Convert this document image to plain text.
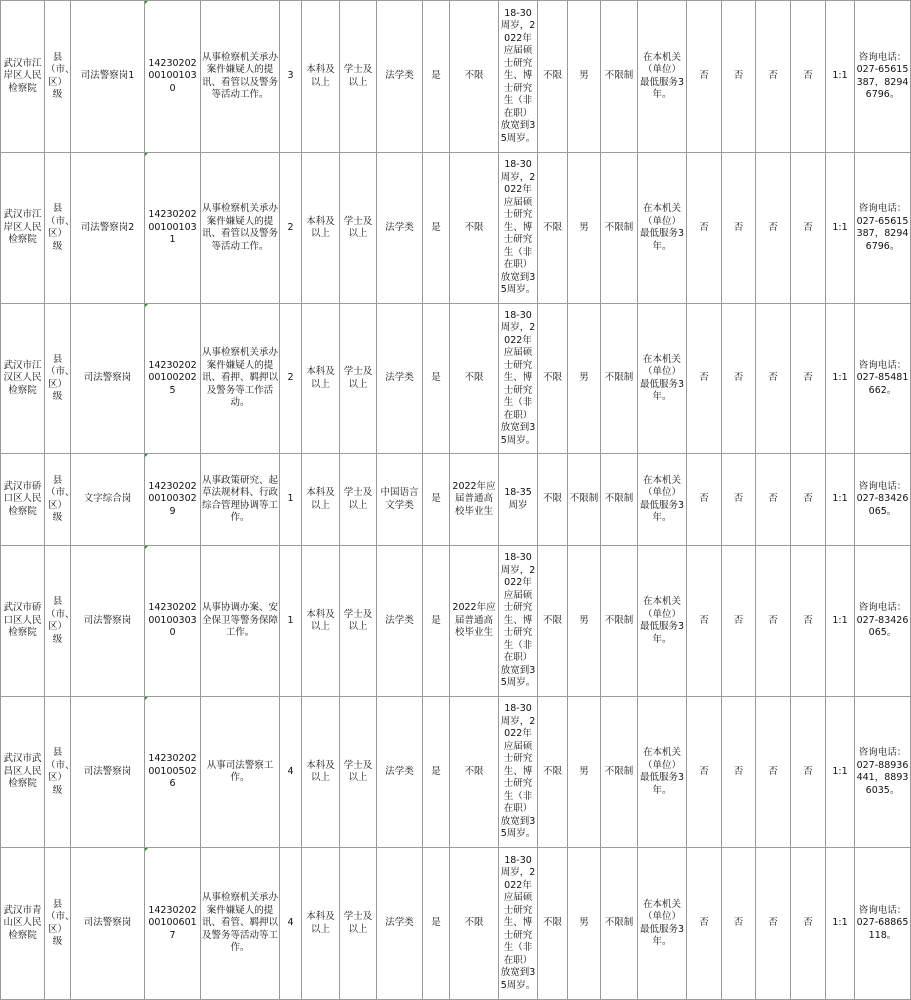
武汉市江岸区人民检察院	县（市、区）级	司法警察岗1	14230202001001030	从事检察机关承办案件嫌疑人的提讯、看管以及警务等活动工作。	3	本科及以上	学士及以上	法学类	是	不限	18-30周岁，2022年应届硕士研究生、博士研究生（非在职）放宽到35周岁。	不限	男	不限制	在本机关（单位）最低服务3年。	否	否	否	否	1:1	咨询电话：027-65615387，82946796。
武汉市江岸区人民检察院	县（市、区）级	司法警察岗2	14230202001001031	从事检察机关承办案件嫌疑人的提讯、看管以及警务等活动工作。	2	本科及以上	学士及以上	法学类	是	不限	18-30周岁，2022年应届硕士研究生、博士研究生（非在职）放宽到35周岁。	不限	男	不限制	在本机关（单位）最低服务3年。	否	否	否	否	1:1	咨询电话：027-65615387，82946796。
武汉市江汉区人民检察院	县（市、区）级	司法警察岗	14230202001002025	从事检察机关承办案件嫌疑人的提讯、看押、羁押以及警务等工作活动。	2	本科及以上	学士及以上	法学类	是	不限	18-30周岁，2022年应届硕士研究生、博士研究生（非在职）放宽到35周岁。	不限	男	不限制	在本机关（单位）最低服务3年。	否	否	否	否	1:1	咨询电话：027-85481662。
武汉市硚口区人民检察院	县（市、区）级	文字综合岗	14230202001003029	从事政策研究、起草法规材料、行政综合管理协调等工作。	1	本科及以上	学士及以上	中国语言文学类	是	2022年应届普通高校毕业生	18-35周岁	不限	不限制	不限制	在本机关（单位）最低服务3年。	否	否	否	否	1:1	咨询电话：027-83426065。
武汉市硚口区人民检察院	县（市、区）级	司法警察岗	14230202001003030	从事协调办案、安全保卫等警务保障工作。	1	本科及以上	学士及以上	法学类	是	2022年应届普通高校毕业生	18-30周岁，2022年应届硕士研究生、博士研究生（非在职）放宽到35周岁。	不限	男	不限制	在本机关（单位）最低服务3年。	否	否	否	否	1:1	咨询电话：027-83426065。
武汉市武昌区人民检察院	县（市、区）级	司法警察岗	14230202001005026	从事司法警察工作。	4	本科及以上	学士及以上	法学类	是	不限	18-30周岁，2022年应届硕士研究生、博士研究生（非在职）放宽到35周岁。	不限	男	不限制	在本机关（单位）最低服务3年。	否	否	否	否	1:1	咨询电话：027-88936441，88936035。
武汉市青山区人民检察院	县（市、区）级	司法警察岗	14230202001006017	从事检察机关承办案件嫌疑人的提讯、看管、羁押以及警务等活动等工作。	4	本科及以上	学士及以上	法学类	是	不限	18-30周岁，2022年应届硕士研究生、博士研究生（非在职）放宽到35周岁。	不限	男	不限制	在本机关（单位）最低服务3年。	否	否	否	否	1:1	咨询电话：027-68865118。
